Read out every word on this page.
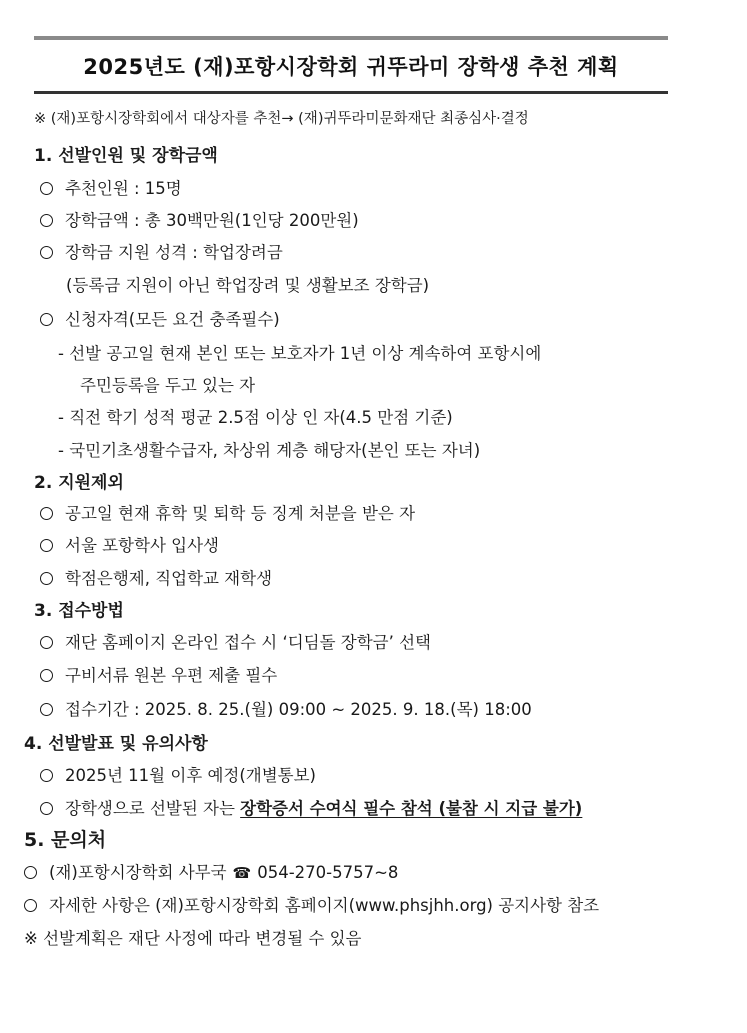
2025년도 (재)포항시장학회 귀뚜라미 장학생 추천 계획
※ (재)포항시장학회에서 대상자를 추천→ (재)귀뚜라미문화재단 최종심사·결정
1. 선발인원 및 장학금액
추천인원 : 15명
장학금액 : 총 30백만원(1인당 200만원)
장학금 지원 성격 : 학업장려금
(등록금 지원이 아닌 학업장려 및 생활보조 장학금)
신청자격(모든 요건 충족필수)
- 선발 공고일 현재 본인 또는 보호자가 1년 이상 계속하여 포항시에
주민등록을 두고 있는 자
- 직전 학기 성적 평균 2.5점 이상 인 자(4.5 만점 기준)
- 국민기초생활수급자, 차상위 계층 해당자(본인 또는 자녀)
2. 지원제외
공고일 현재 휴학 및 퇴학 등 징계 처분을 받은 자
서울 포항학사 입사생
학점은행제, 직업학교 재학생
3. 접수방법
재단 홈페이지 온라인 접수 시 ‘디딤돌 장학금’ 선택
구비서류 원본 우편 제출 필수
접수기간 : 2025. 8. 25.(월) 09:00 ~ 2025. 9. 18.(목) 18:00
4. 선발발표 및 유의사항
2025년 11월 이후 예정(개별통보)
장학생으로 선발된 자는 장학증서 수여식 필수 참석 (불참 시 지급 불가)
5. 문의처
(재)포항시장학회 사무국 ☎ 054-270-5757~8
자세한 사항은 (재)포항시장학회 홈페이지(www.phsjhh.org) 공지사항 참조
※ 선발계획은 재단 사정에 따라 변경될 수 있음
